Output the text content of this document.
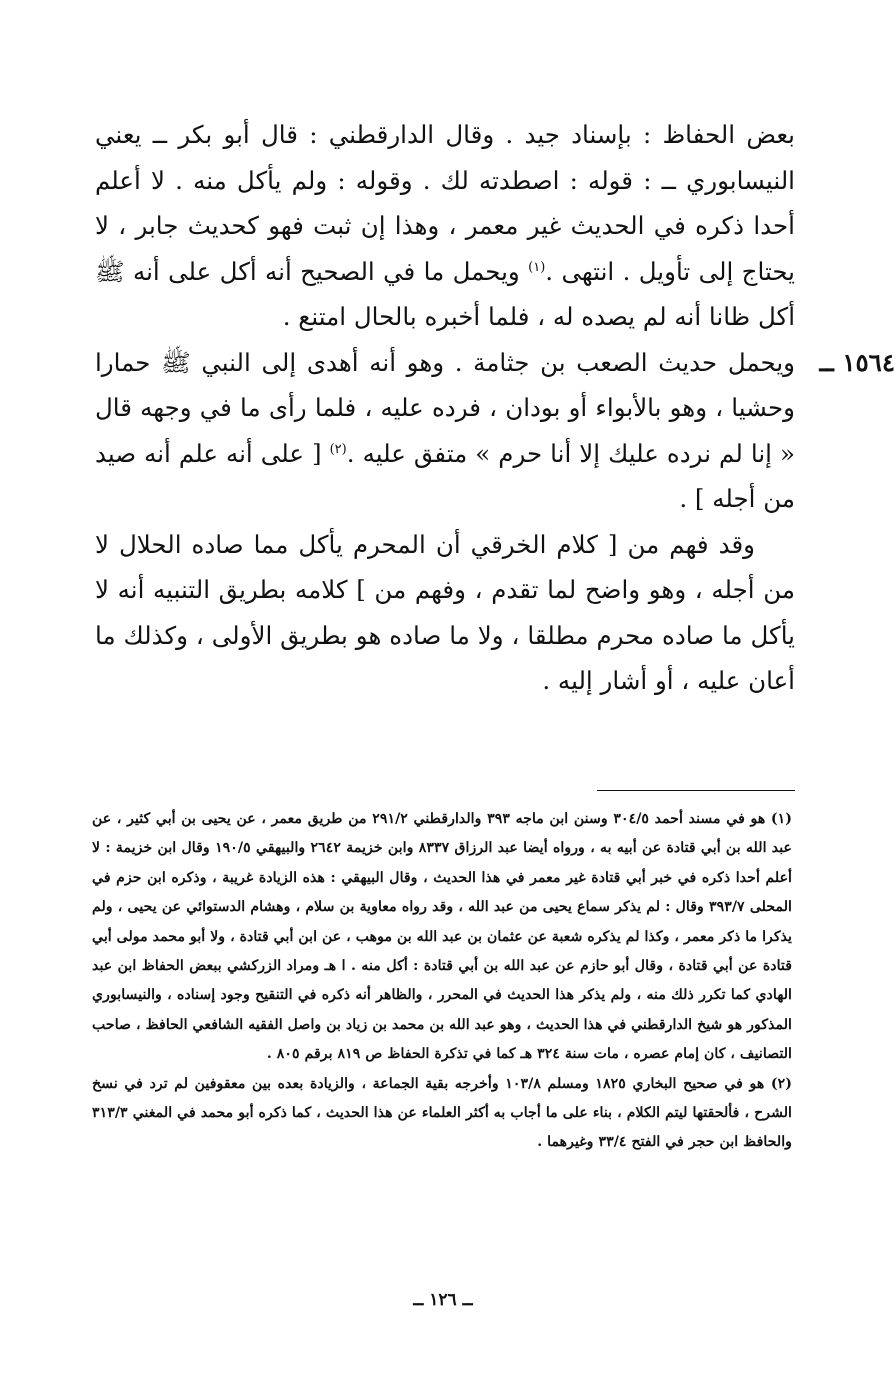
بعض الحفاظ : بإسناد جيد . وقال الدارقطني : قال أبو بكر ــ يعني النيسابوري ــ : قوله : اصطدته لك . وقوله : ولم يأكل منه . لا أعلم أحدا ذكره في الحديث غير معمر ، وهذا إن ثبت فهو كحديث جابر ، لا يحتاج إلى تأويل . انتهى .$^{(١)}$ ويحمل ما في الصحيح أنه أكل على أنه ﷺ أكل ظانا أنه لم يصده له ، فلما أخبره بالحال امتنع .

١٥٦٤ ــ
ويحمل حديث الصعب بن جثامة . وهو أنه أهدى إلى النبي ﷺ حمارا وحشيا ، وهو بالأبواء أو بودان ، فرده عليه ، فلما رأى ما في وجهه قال « إنا لم نرده عليك إلا أنا حرم » متفق عليه .$^{(٢)}$ [ على أنه علم أنه صيد من أجله ] .

وقد فهم من [ كلام الخرقي أن المحرم يأكل مما صاده الحلال لا من أجله ، وهو واضح لما تقدم ، وفهم من ] كلامه بطريق التنبيه أنه لا يأكل ما صاده محرم مطلقا ، ولا ما صاده هو بطريق الأولى ، وكذلك ما أعان عليه ، أو أشار إليه .

(١) هو في مسند أحمد ٣٠٤/٥ وسنن ابن ماجه ٣٩٣ والدارقطني ٢٩١/٢ من طريق معمر ، عن يحيى بن أبي كثير ، عن عبد الله بن أبي قتادة عن أبيه به ، ورواه أيضا عبد الرزاق ٨٣٣٧ وابن خزيمة ٢٦٤٢ والبيهقي ١٩٠/٥ وقال ابن خزيمة : لا أعلم أحدا ذكره في خبر أبي قتادة غير معمر في هذا الحديث ، وقال البيهقي : هذه الزيادة غريبة ، وذكره ابن حزم في المحلى ٣٩٣/٧ وقال : لم يذكر سماع يحيى من عبد الله ، وقد رواه معاوية بن سلام ، وهشام الدستوائي عن يحيى ، ولم يذكرا ما ذكر معمر ، وكذا لم يذكره شعبة عن عثمان بن عبد الله بن موهب ، عن ابن أبي قتادة ، ولا أبو محمد مولى أبي قتادة عن أبي قتادة ، وقال أبو حازم عن عبد الله بن أبي قتادة : أكل منه . ا هـ ومراد الزركشي ببعض الحفاظ ابن عبد الهادي كما تكرر ذلك منه ، ولم يذكر هذا الحديث في المحرر ، والظاهر أنه ذكره في التنقيح وجود إسناده ، والنيسابوري المذكور هو شيخ الدارقطني في هذا الحديث ، وهو عبد الله بن محمد بن زياد بن واصل الفقيه الشافعي الحافظ ، صاحب التصانيف ، كان إمام عصره ، مات سنة ٣٢٤ هـ كما في تذكرة الحفاظ ص ٨١٩ برقم ٨٠٥ .

(٢) هو في صحيح البخاري ١٨٢٥ ومسلم ١٠٣/٨ وأخرجه بقية الجماعة ، والزيادة بعده بين معقوفين لم ترد في نسخ الشرح ، فألحقتها ليتم الكلام ، بناء على ما أجاب به أكثر العلماء عن هذا الحديث ، كما ذكره أبو محمد في المغني ٣١٣/٣ والحافظ ابن حجر في الفتح ٣٣/٤ وغيرهما .

ــ ١٢٦ ــ
